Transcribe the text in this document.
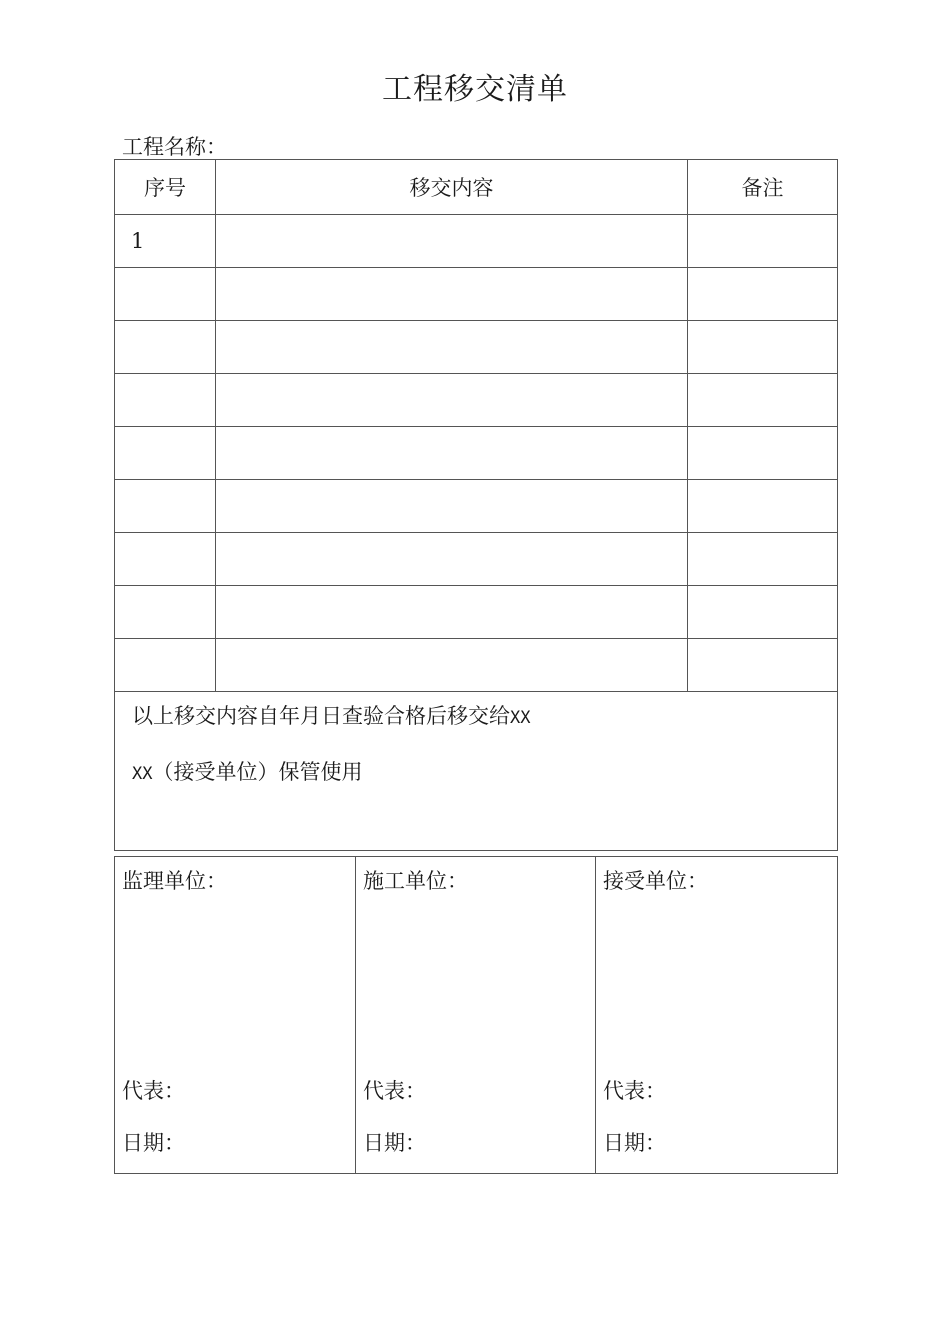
工程移交清单
工程名称：
序号	移交内容	备注
1		

以上移交内容自年月日查验合格后移交给XX
XX（接受单位）保管使用		
监理单位：
代表：
日期：

施工单位：
代表：
日期：

接受单位：
代表：
日期：
